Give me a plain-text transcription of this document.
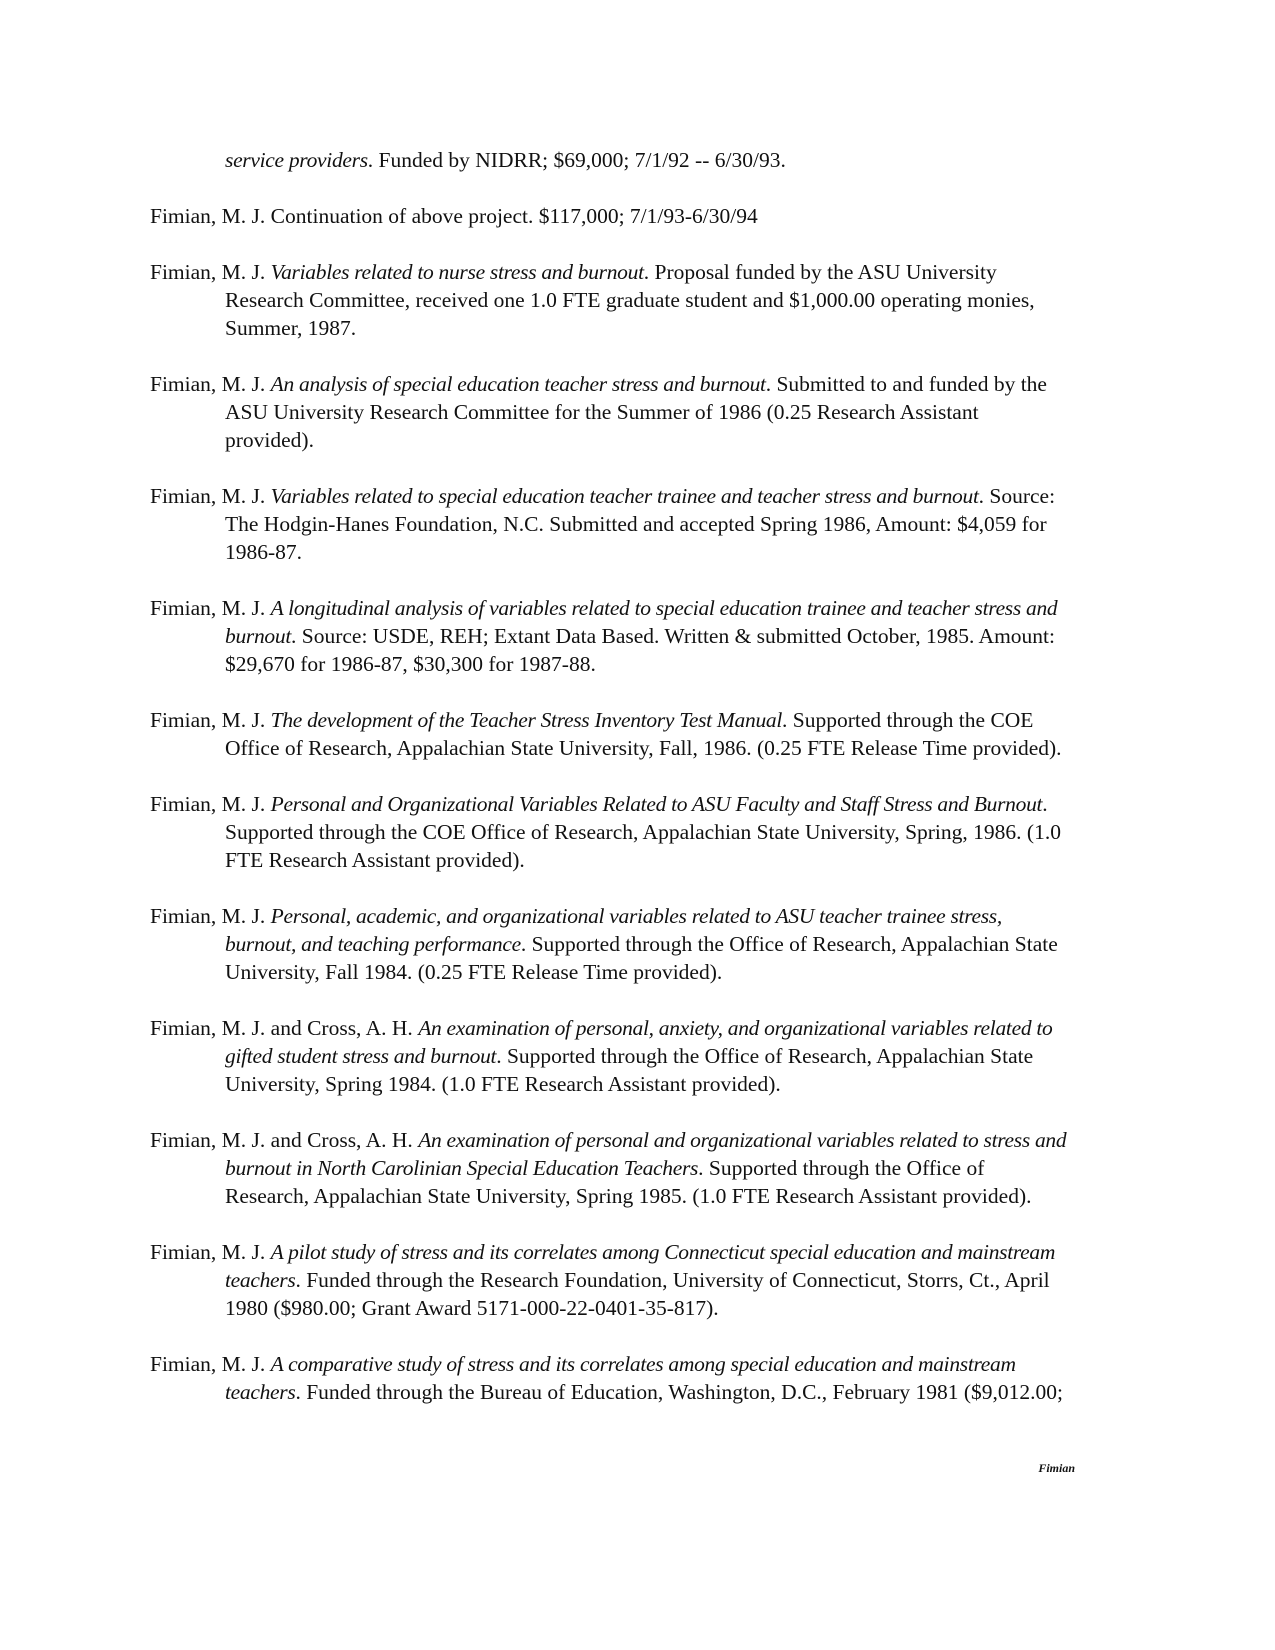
service providers. Funded by NIDRR; $69,000; 7/1/92 -- 6/30/93.

Fimian, M. J. Continuation of above project. $117,000; 7/1/93-6/30/94

Fimian, M. J. Variables related to nurse stress and burnout. Proposal funded by the ASU University Research Committee, received one 1.0 FTE graduate student and $1,000.00 operating monies, Summer, 1987.

Fimian, M. J. An analysis of special education teacher stress and burnout. Submitted to and funded by the ASU University Research Committee for the Summer of 1986 (0.25 Research Assistant provided).

Fimian, M. J. Variables related to special education teacher trainee and teacher stress and burnout. Source: The Hodgin-Hanes Foundation, N.C. Submitted and accepted Spring 1986, Amount: $4,059 for 1986-87.

Fimian, M. J. A longitudinal analysis of variables related to special education trainee and teacher stress and burnout. Source: USDE, REH; Extant Data Based. Written & submitted October, 1985. Amount: $29,670 for 1986-87, $30,300 for 1987-88.

Fimian, M. J. The development of the Teacher Stress Inventory Test Manual. Supported through the COE Office of Research, Appalachian State University, Fall, 1986. (0.25 FTE Release Time provided).

Fimian, M. J. Personal and Organizational Variables Related to ASU Faculty and Staff Stress and Burnout. Supported through the COE Office of Research, Appalachian State University, Spring, 1986. (1.0 FTE Research Assistant provided).

Fimian, M. J. Personal, academic, and organizational variables related to ASU teacher trainee stress, burnout, and teaching performance. Supported through the Office of Research, Appalachian State University, Fall 1984. (0.25 FTE Release Time provided).

Fimian, M. J. and Cross, A. H. An examination of personal, anxiety, and organizational variables related to gifted student stress and burnout. Supported through the Office of Research, Appalachian State University, Spring 1984. (1.0 FTE Research Assistant provided).

Fimian, M. J. and Cross, A. H. An examination of personal and organizational variables related to stress and burnout in North Carolinian Special Education Teachers. Supported through the Office of Research, Appalachian State University, Spring 1985. (1.0 FTE Research Assistant provided).

Fimian, M. J. A pilot study of stress and its correlates among Connecticut special education and mainstream teachers. Funded through the Research Foundation, University of Connecticut, Storrs, Ct., April 1980 ($980.00; Grant Award 5171-000-22-0401-35-817).

Fimian, M. J. A comparative study of stress and its correlates among special education and mainstream teachers. Funded through the Bureau of Education, Washington, D.C., February 1981 ($9,012.00;

Fimian
